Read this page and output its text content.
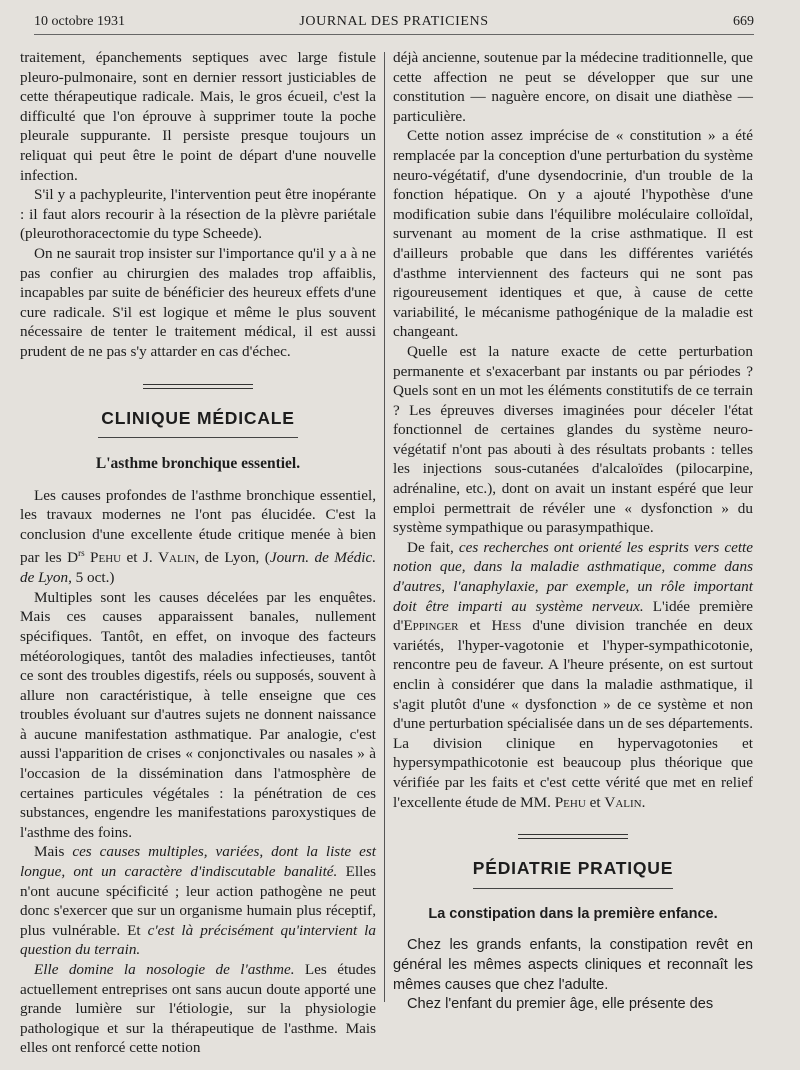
10 octobre 1931	JOURNAL DES PRATICIENS	669

traitement, épanchements septiques avec large fistule pleuro-pulmonaire, sont en dernier ressort justiciables de cette thérapeutique radicale. Mais, le gros écueil, c'est la difficulté que l'on éprouve à supprimer toute la poche pleurale suppurante. Il persiste presque toujours un reliquat qui peut être le point de départ d'une nouvelle infection.

S'il y a pachypleurite, l'intervention peut être inopérante : il faut alors recourir à la résection de la plèvre pariétale (pleurothoracectomie du type Scheede).

On ne saurait trop insister sur l'importance qu'il y a à ne pas confier au chirurgien des malades trop affaiblis, incapables par suite de bénéficier des heureux effets d'une cure radicale. S'il est logique et même le plus souvent nécessaire de tenter le traitement médical, il est aussi prudent de ne pas s'y attarder en cas d'échec.

CLINIQUE MÉDICALE
L'asthme bronchique essentiel.

Les causes profondes de l'asthme bronchique essentiel, les travaux modernes ne l'ont pas élucidée. C'est la conclusion d'une excellente étude critique menée à bien par les $D^{rs}$ Pehu et J. Valin, de Lyon, (Journ. de Médic. de Lyon, 5 oct.)

Multiples sont les causes décelées par les enquêtes. Mais ces causes apparaissent banales, nullement spécifiques. Tantôt, en effet, on invoque des facteurs météorologiques, tantôt des maladies infectieuses, tantôt ce sont des troubles digestifs, réels ou supposés, souvent à allure non caractéristique, à telle enseigne que ces troubles évoluant sur d'autres sujets ne donnent naissance à aucune manifestation asthmatique. Par analogie, c'est aussi l'apparition de crises « conjonctivales ou nasales » à l'occasion de la dissémination dans l'atmosphère de certaines particules végétales : la pénétration de ces substances, engendre les manifestations paroxystiques de l'asthme des foins.

Mais ces causes multiples, variées, dont la liste est longue, ont un caractère d'indiscutable banalité. Elles n'ont aucune spécificité ; leur action pathogène ne peut donc s'exercer que sur un organisme humain plus réceptif, plus vulnérable. Et c'est là précisément qu'intervient la question du terrain.

Elle domine la nosologie de l'asthme. Les études actuellement entreprises ont sans aucun doute apporté une grande lumière sur l'étiologie, sur la physiologie pathologique et sur la thérapeutique de l'asthme. Mais elles ont renforcé cette notion

déjà ancienne, soutenue par la médecine traditionnelle, que cette affection ne peut se développer que sur une constitution — naguère encore, on disait une diathèse — particulière.

Cette notion assez imprécise de « constitution » a été remplacée par la conception d'une perturbation du système neuro-végétatif, d'une dysendocrinie, d'un trouble de la fonction hépatique. On y a ajouté l'hypothèse d'une modification subie dans l'équilibre moléculaire colloïdal, survenant au moment de la crise asthmatique. Il est d'ailleurs probable que dans les différentes variétés d'asthme interviennent des facteurs qui ne sont pas rigoureusement identiques et que, à cause de cette variabilité, le mécanisme pathogénique de la maladie est changeant.

Quelle est la nature exacte de cette perturbation permanente et s'exacerbant par instants ou par périodes ? Quels sont en un mot les éléments constitutifs de ce terrain ? Les épreuves diverses imaginées pour déceler l'état fonctionnel de certaines glandes du système neuro-végétatif n'ont pas abouti à des résultats probants : telles les injections sous-cutanées d'alcaloïdes (pilocarpine, adrénaline, etc.), dont on avait un instant espéré que leur emploi permettrait de révéler une « dysfonction » du système sympathique ou parasympathique.

De fait, ces recherches ont orienté les esprits vers cette notion que, dans la maladie asthmatique, comme dans d'autres, l'anaphylaxie, par exemple, un rôle important doit être imparti au système nerveux. L'idée première d'Eppinger et Hess d'une division tranchée en deux variétés, l'hyper-vagotonie et l'hyper-sympathicotonie, rencontre peu de faveur. A l'heure présente, on est surtout enclin à considérer que dans la maladie asthmatique, il s'agit plutôt d'une « dysfonction » de ce système et non d'une perturbation spécialisée dans un de ses départements. La division clinique en hypervagotonies et hypersympathicotonie est beaucoup plus théorique que vérifiée par les faits et c'est cette vérité que met en relief l'excellente étude de MM. Pehu et Valin.

PÉDIATRIE PRATIQUE
La constipation dans la première enfance.

Chez les grands enfants, la constipation revêt en général les mêmes aspects cliniques et reconnaît les mêmes causes que chez l'adulte.

Chez l'enfant du premier âge, elle présente des
